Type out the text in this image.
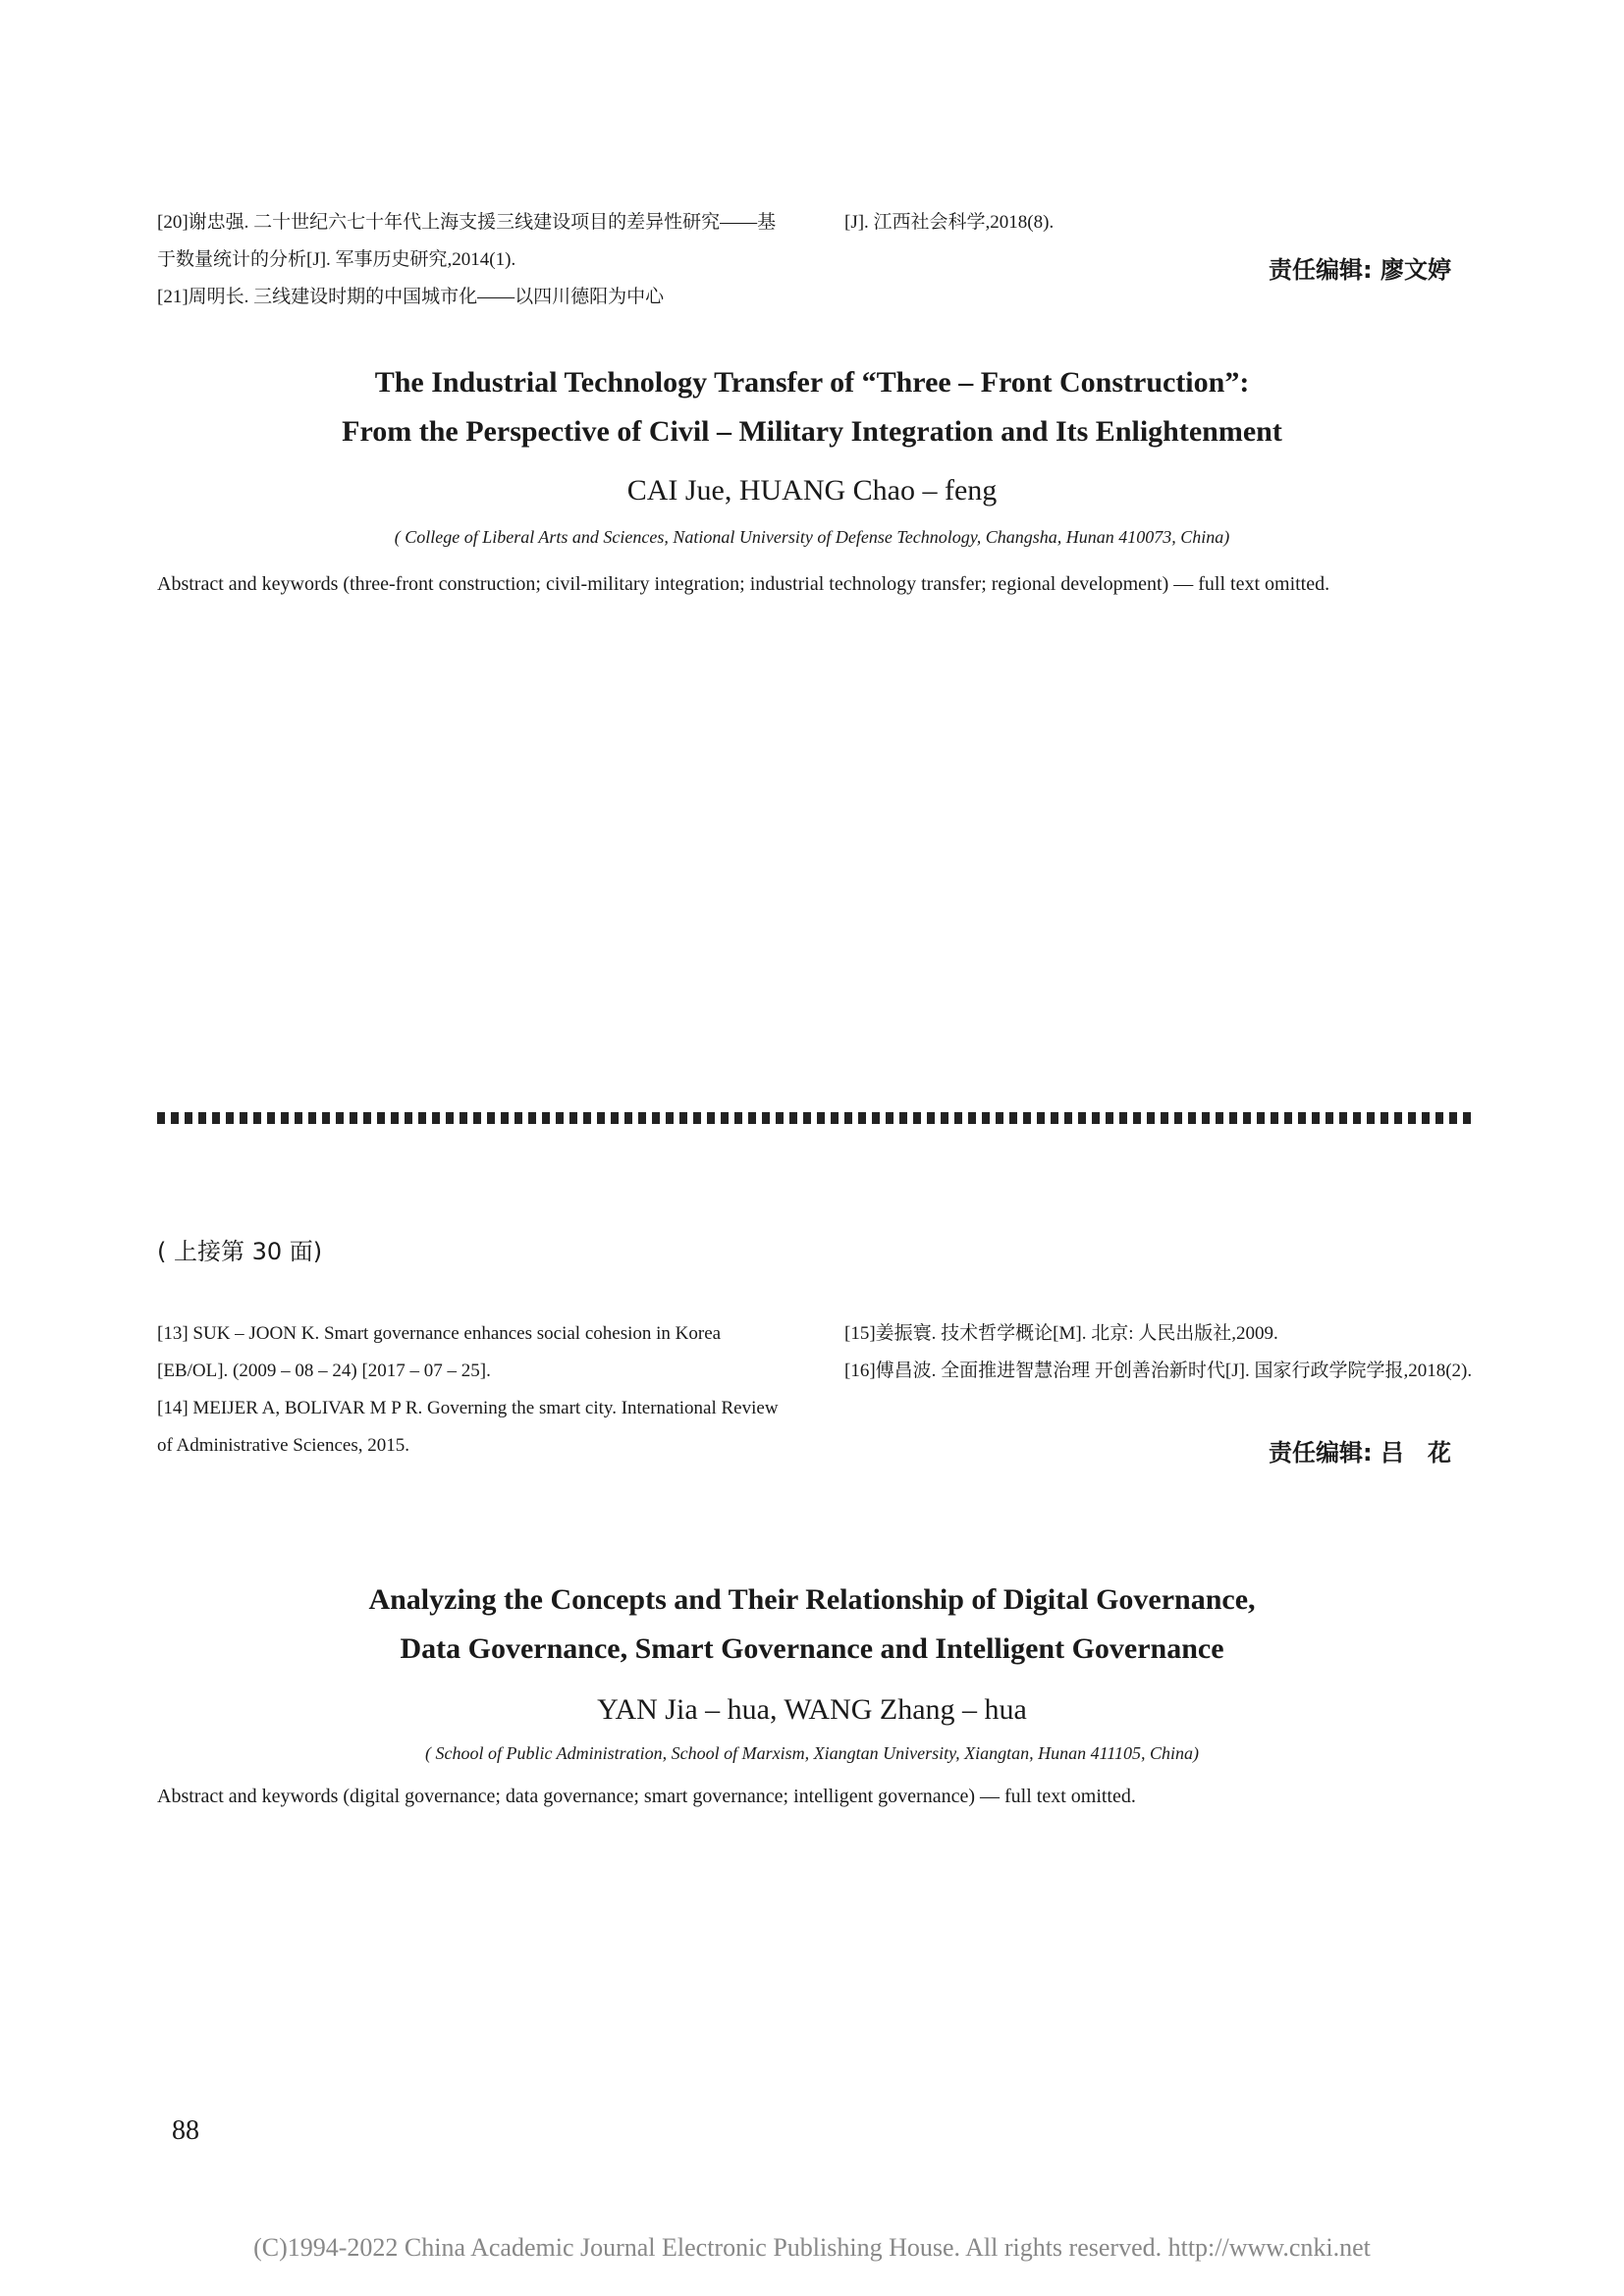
[20]谢忠强. 二十世纪六七十年代上海支援三线建设项目的差异性研究——基于数量统计的分析[J]. 军事历史研究,2014(1).
[21]周明长. 三线建设时期的中国城市化——以四川德阳为中心
[J]. 江西社会科学,2018(8).
责任编辑: 廖文婷
The Industrial Technology Transfer of “Three – Front Construction”:
From the Perspective of Civil – Military Integration and Its Enlightenment
CAI Jue, HUANG Chao – feng
( College of Liberal Arts and Sciences, National University of Defense Technology, Changsha, Hunan 410073, China)
Abstract and keywords (three-front construction; civil-military integration; industrial technology transfer; regional development) — full text omitted.
( 上接第 30 面)
[13] SUK – JOON K. Smart governance enhances social cohesion in Korea [EB/OL]. (2009 – 08 – 24) [2017 – 07 – 25].
[14] MEIJER A, BOLIVAR M P R. Governing the smart city. International Review of Administrative Sciences, 2015.
[15]姜振寰. 技术哲学概论[M]. 北京: 人民出版社,2009.
[16]傅昌波. 全面推进智慧治理 开创善治新时代[J]. 国家行政学院学报,2018(2).
责任编辑: 吕　花
Analyzing the Concepts and Their Relationship of Digital Governance,
Data Governance, Smart Governance and Intelligent Governance
YAN Jia – hua, WANG Zhang – hua
( School of Public Administration, School of Marxism, Xiangtan University, Xiangtan, Hunan 411105, China)
Abstract and keywords (digital governance; data governance; smart governance; intelligent governance) — full text omitted.
88
(C)1994-2022 China Academic Journal Electronic Publishing House. All rights reserved. http://www.cnki.net
